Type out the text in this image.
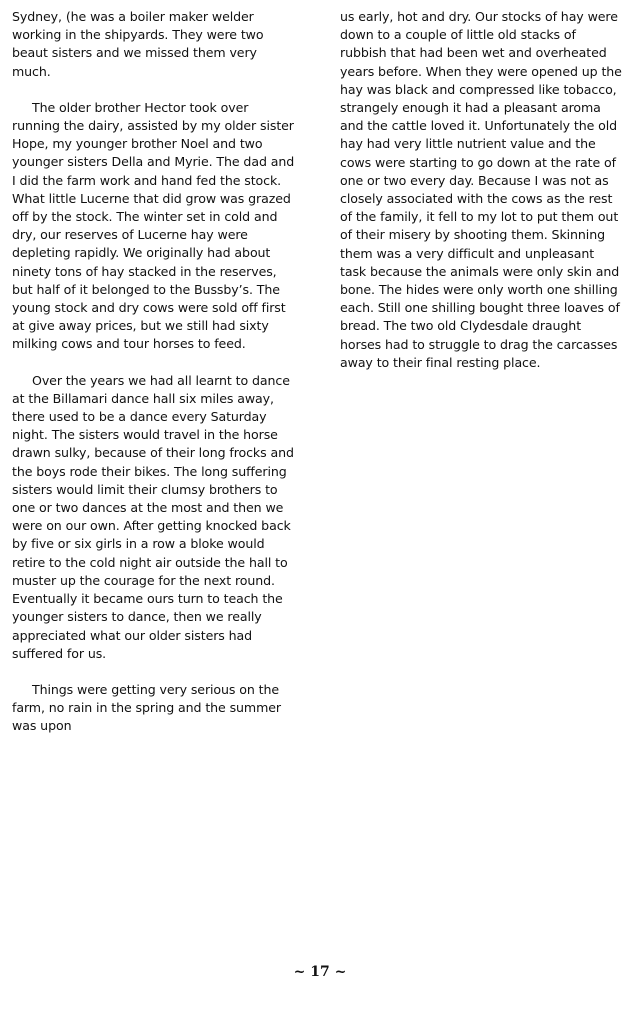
Sydney, (he was a boiler maker welder working in the shipyards. They were two beaut sisters and we missed them very much.

The older brother Hector took over running the dairy, assisted by my older sister Hope, my younger brother Noel and two younger sisters Della and Myrie. The dad and I did the farm work and hand fed the stock. What little Lucerne that did grow was grazed off by the stock. The winter set in cold and dry, our reserves of Lucerne hay were depleting rapidly. We originally had about ninety tons of hay stacked in the reserves, but half of it belonged to the Bussby’s. The young stock and dry cows were sold off first at give away prices, but we still had sixty milking cows and tour horses to feed.

Over the years we had all learnt to dance at the Billamari dance hall six miles away, there used to be a dance every Saturday night. The sisters would travel in the horse drawn sulky, because of their long frocks and the boys rode their bikes. The long suffering sisters would limit their clumsy brothers to one or two dances at the most and then we were on our own. After getting knocked back by five or six girls in a row a bloke would retire to the cold night air outside the hall to muster up the courage for the next round. Eventually it became ours turn to teach the younger sisters to dance, then we really appreciated what our older sisters had suffered for us.

Things were getting very serious on the farm, no rain in the spring and the summer was upon

us early, hot and dry. Our stocks of hay were down to a couple of little old stacks of rubbish that had been wet and overheated years before. When they were opened up the hay was black and compressed like tobacco, strangely enough it had a pleasant aroma and the cattle loved it. Unfortunately the old hay had very little nutrient value and the cows were starting to go down at the rate of one or two every day. Because I was not as closely associated with the cows as the rest of the family, it fell to my lot to put them out of their misery by shooting them. Skinning them was a very difficult and unpleasant task because the animals were only skin and bone. The hides were only worth one shilling each. Still one shilling bought three loaves of bread. The two old Clydesdale draught horses had to struggle to drag the carcasses away to their final resting place.

~ 17 ~
